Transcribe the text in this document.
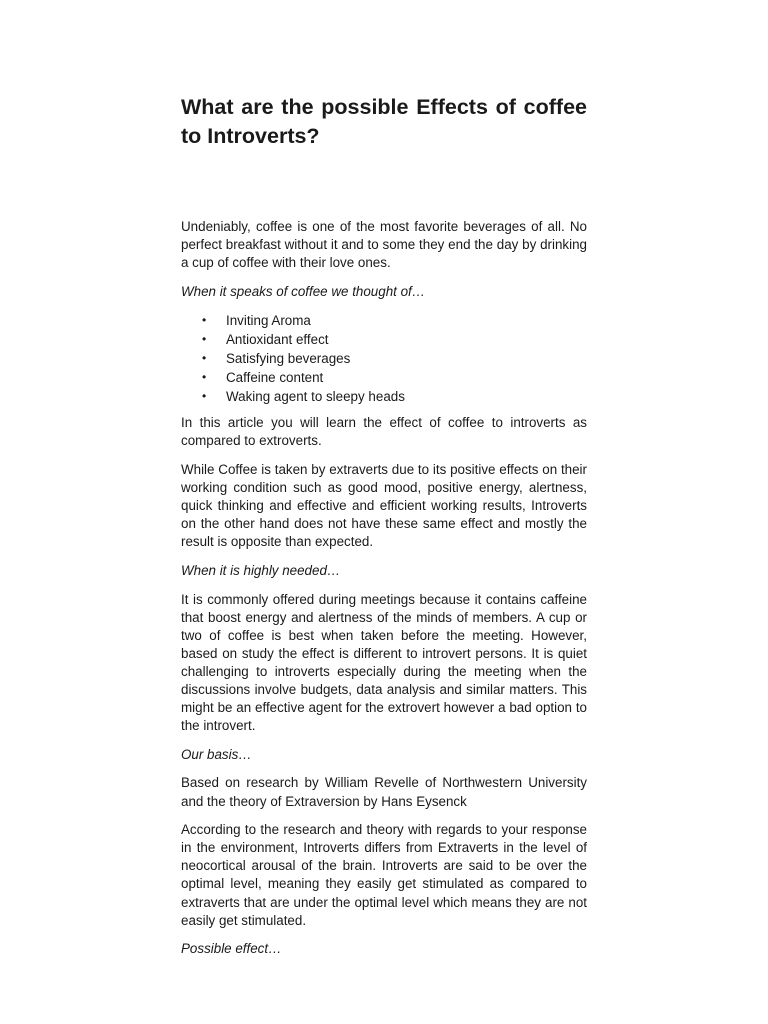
What are the possible Effects of coffee to Introverts?

Undeniably, coffee is one of the most favorite beverages of all. No perfect breakfast without it and to some they end the day by drinking a cup of coffee with their love ones.

When it speaks of coffee we thought of…

• Inviting Aroma
• Antioxidant effect
• Satisfying beverages
• Caffeine content
• Waking agent to sleepy heads

In this article you will learn the effect of coffee to introverts as compared to extroverts.

While Coffee is taken by extraverts due to its positive effects on their working condition such as good mood, positive energy, alertness, quick thinking and effective and efficient working results, Introverts on the other hand does not have these same effect and mostly the result is opposite than expected.

When it is highly needed…

It is commonly offered during meetings because it contains caffeine that boost energy and alertness of the minds of members. A cup or two of coffee is best when taken before the meeting. However, based on study the effect is different to introvert persons. It is quiet challenging to introverts especially during the meeting when the discussions involve budgets, data analysis and similar matters. This might be an effective agent for the extrovert however a bad option to the introvert.

Our basis…

Based on research by William Revelle of Northwestern University and the theory of Extraversion by Hans Eysenck

According to the research and theory with regards to your response in the environment, Introverts differs from Extraverts in the level of neocortical arousal of the brain. Introverts are said to be over the optimal level, meaning they easily get stimulated as compared to extraverts that are under the optimal level which means they are not easily get stimulated.

Possible effect…
